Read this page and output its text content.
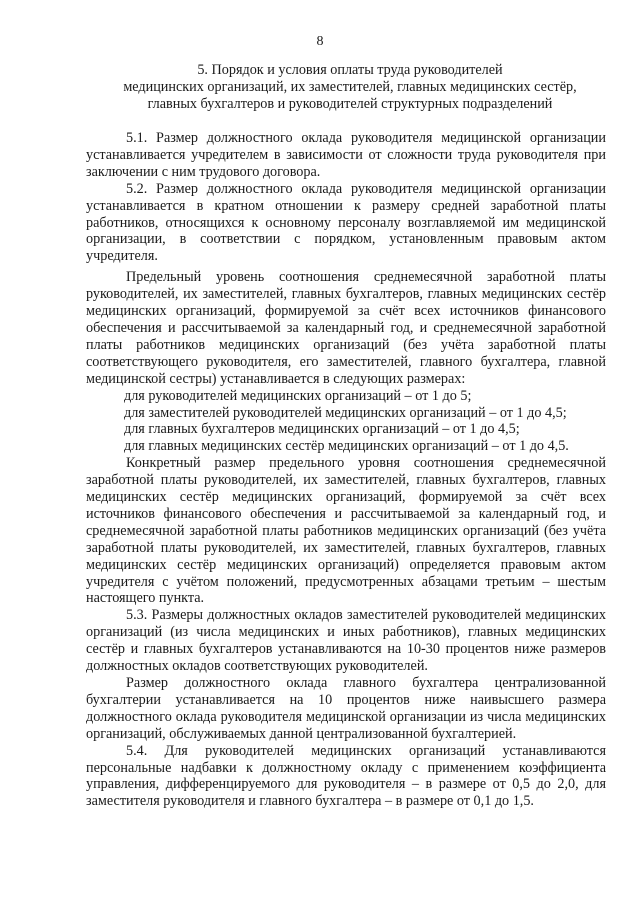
8
5. Порядок и условия оплаты труда руководителей
медицинских организаций, их заместителей, главных медицинских сестёр,
главных бухгалтеров и руководителей структурных подразделений

5.1. Размер должностного оклада руководителя медицинской организации устанавливается учредителем в зависимости от сложности труда руководителя при заключении с ним трудового договора.

5.2. Размер должностного оклада руководителя медицинской организации устанавливается в кратном отношении к размеру средней заработной платы работников, относящихся к основному персоналу возглавляемой им медицинской организации, в соответствии с порядком, установленным правовым актом учредителя.

Предельный уровень соотношения среднемесячной заработной платы руководителей, их заместителей, главных бухгалтеров, главных медицинских сестёр медицинских организаций, формируемой за счёт всех источников финансового обеспечения и рассчитываемой за календарный год, и среднемесячной заработной платы работников медицинских организаций (без учёта заработной платы соответствующего руководителя, его заместителей, главного бухгалтера, главной медицинской сестры) устанавливается в следующих размерах:

для руководителей медицинских организаций – от 1 до 5;

для заместителей руководителей медицинских организаций – от 1 до 4,5;

для главных бухгалтеров медицинских организаций – от 1 до 4,5;

для главных медицинских сестёр медицинских организаций – от 1 до 4,5.

Конкретный размер предельного уровня соотношения среднемесячной заработной платы руководителей, их заместителей, главных бухгалтеров, главных медицинских сестёр медицинских организаций, формируемой за счёт всех источников финансового обеспечения и рассчитываемой за календарный год, и среднемесячной заработной платы работников медицинских организаций (без учёта заработной платы руководителей, их заместителей, главных бухгалтеров, главных медицинских сестёр медицинских организаций) определяется правовым актом учредителя с учётом положений, предусмотренных абзацами третьим – шестым настоящего пункта.

5.3. Размеры должностных окладов заместителей руководителей медицинских организаций (из числа медицинских и иных работников), главных медицинских сестёр и главных бухгалтеров устанавливаются на 10-30 процентов ниже размеров должностных окладов соответствующих руководителей.

Размер должностного оклада главного бухгалтера централизованной бухгалтерии устанавливается на 10 процентов ниже наивысшего размера должностного оклада руководителя медицинской организации из числа медицинских организаций, обслуживаемых данной централизованной бухгалтерией.

5.4. Для руководителей медицинских организаций устанавливаются персональные надбавки к должностному окладу с применением коэффициента управления, дифференцируемого для руководителя – в размере от 0,5 до 2,0, для заместителя руководителя и главного бухгалтера – в размере от 0,1 до 1,5.
